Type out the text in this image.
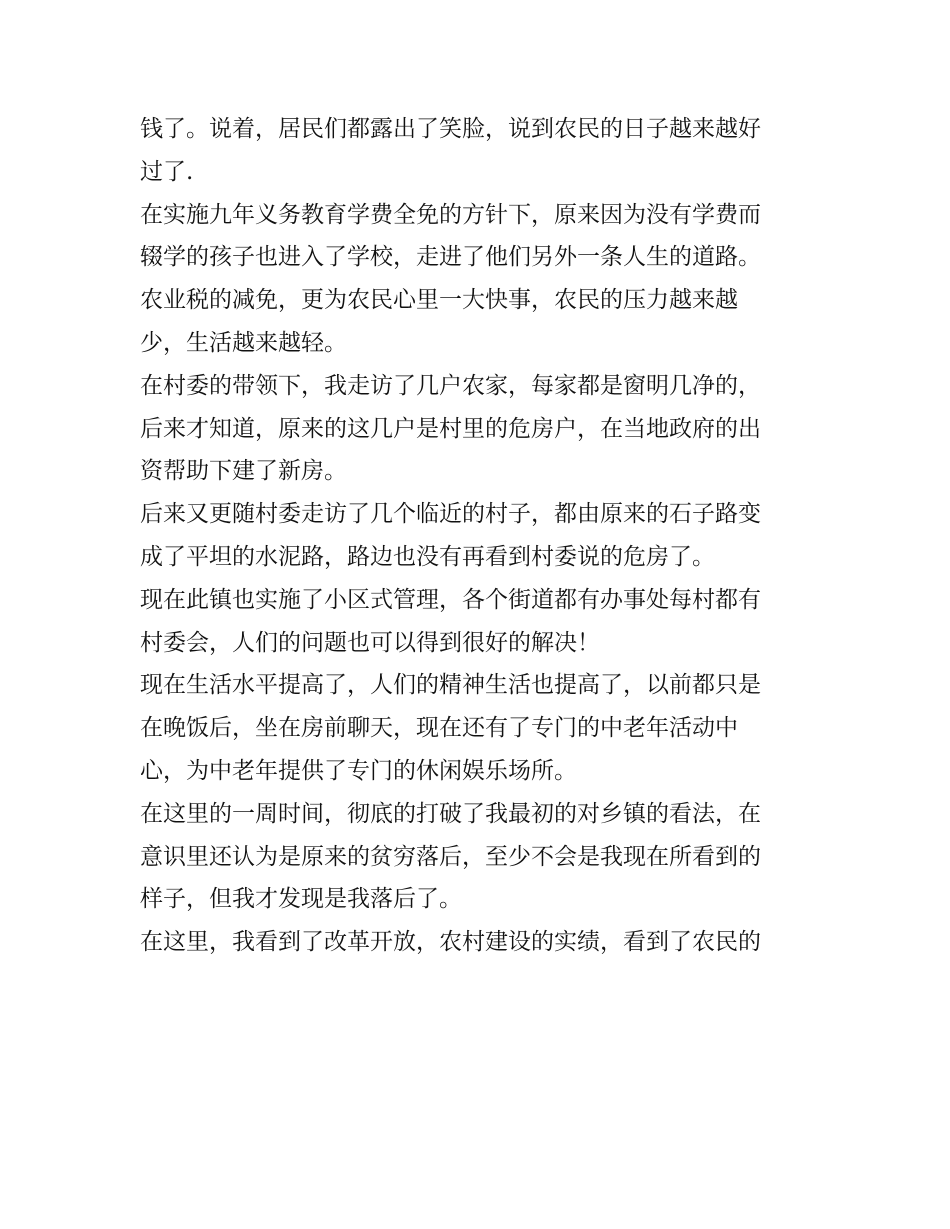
钱了。说着，居民们都露出了笑脸，说到农民的日子越来越好
过了.
在实施九年义务教育学费全免的方针下，原来因为没有学费而
辍学的孩子也进入了学校，走进了他们另外一条人生的道路。
农业税的减免，更为农民心里一大快事，农民的压力越来越
少，生活越来越轻。
在村委的带领下，我走访了几户农家，每家都是窗明几净的，
后来才知道，原来的这几户是村里的危房户，在当地政府的出
资帮助下建了新房。
后来又更随村委走访了几个临近的村子，都由原来的石子路变
成了平坦的水泥路，路边也没有再看到村委说的危房了。
现在此镇也实施了小区式管理，各个街道都有办事处每村都有
村委会，人们的问题也可以得到很好的解决！
现在生活水平提高了，人们的精神生活也提高了，以前都只是
在晚饭后，坐在房前聊天，现在还有了专门的中老年活动中
心，为中老年提供了专门的休闲娱乐场所。
在这里的一周时间，彻底的打破了我最初的对乡镇的看法，在
意识里还认为是原来的贫穷落后，至少不会是我现在所看到的
样子，但我才发现是我落后了。
在这里，我看到了改革开放，农村建设的实绩，看到了农民的
